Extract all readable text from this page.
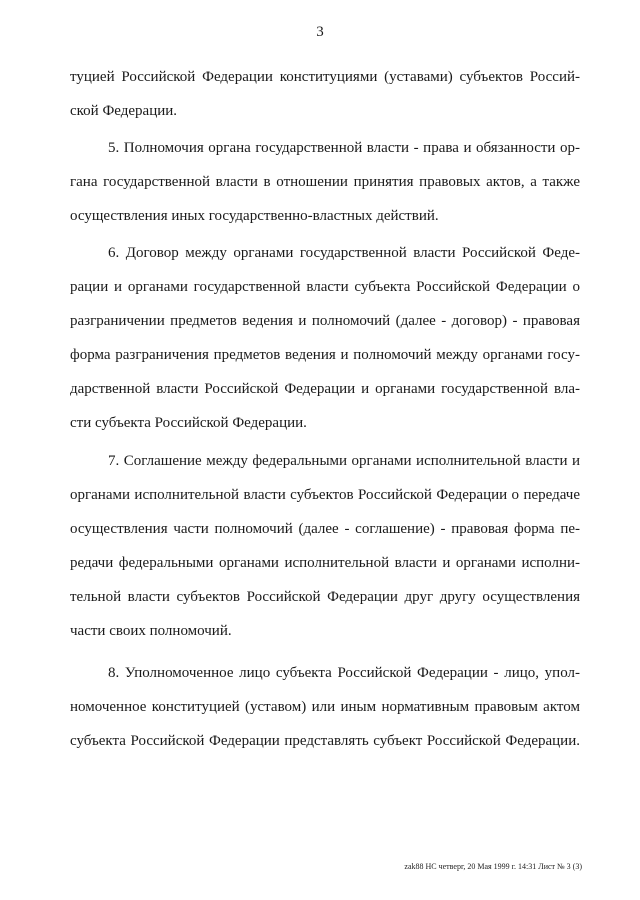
3
туцией Российской Федерации конституциями (уставами) субъектов Россий-
ской Федерации.
5. Полномочия органа государственной власти - права и обязанности ор-
гана государственной власти в отношении принятия правовых актов, а также
осуществления иных государственно-властных действий.
6. Договор между органами государственной власти Российской Феде-
рации и органами государственной власти субъекта Российской Федерации о
разграничении предметов ведения и полномочий (далее - договор) - правовая
форма разграничения предметов ведения и полномочий между органами госу-
дарственной власти Российской Федерации и органами государственной вла-
сти субъекта Российской Федерации.
7. Соглашение между федеральными органами исполнительной власти и
органами исполнительной власти субъектов Российской Федерации о передаче
осуществления части полномочий (далее - соглашение) - правовая форма пе-
редачи федеральными органами исполнительной власти и органами исполни-
тельной власти субъектов Российской Федерации друг другу осуществления
части своих полномочий.
8. Уполномоченное лицо субъекта Российской Федерации - лицо, упол-
номоченное конституцией (уставом) или иным нормативным правовым актом
субъекта Российской Федерации представлять субъект Российской Федерации.
zak88 НС четверг, 20 Мая 1999 г. 14:31 Лист № 3 (3)
